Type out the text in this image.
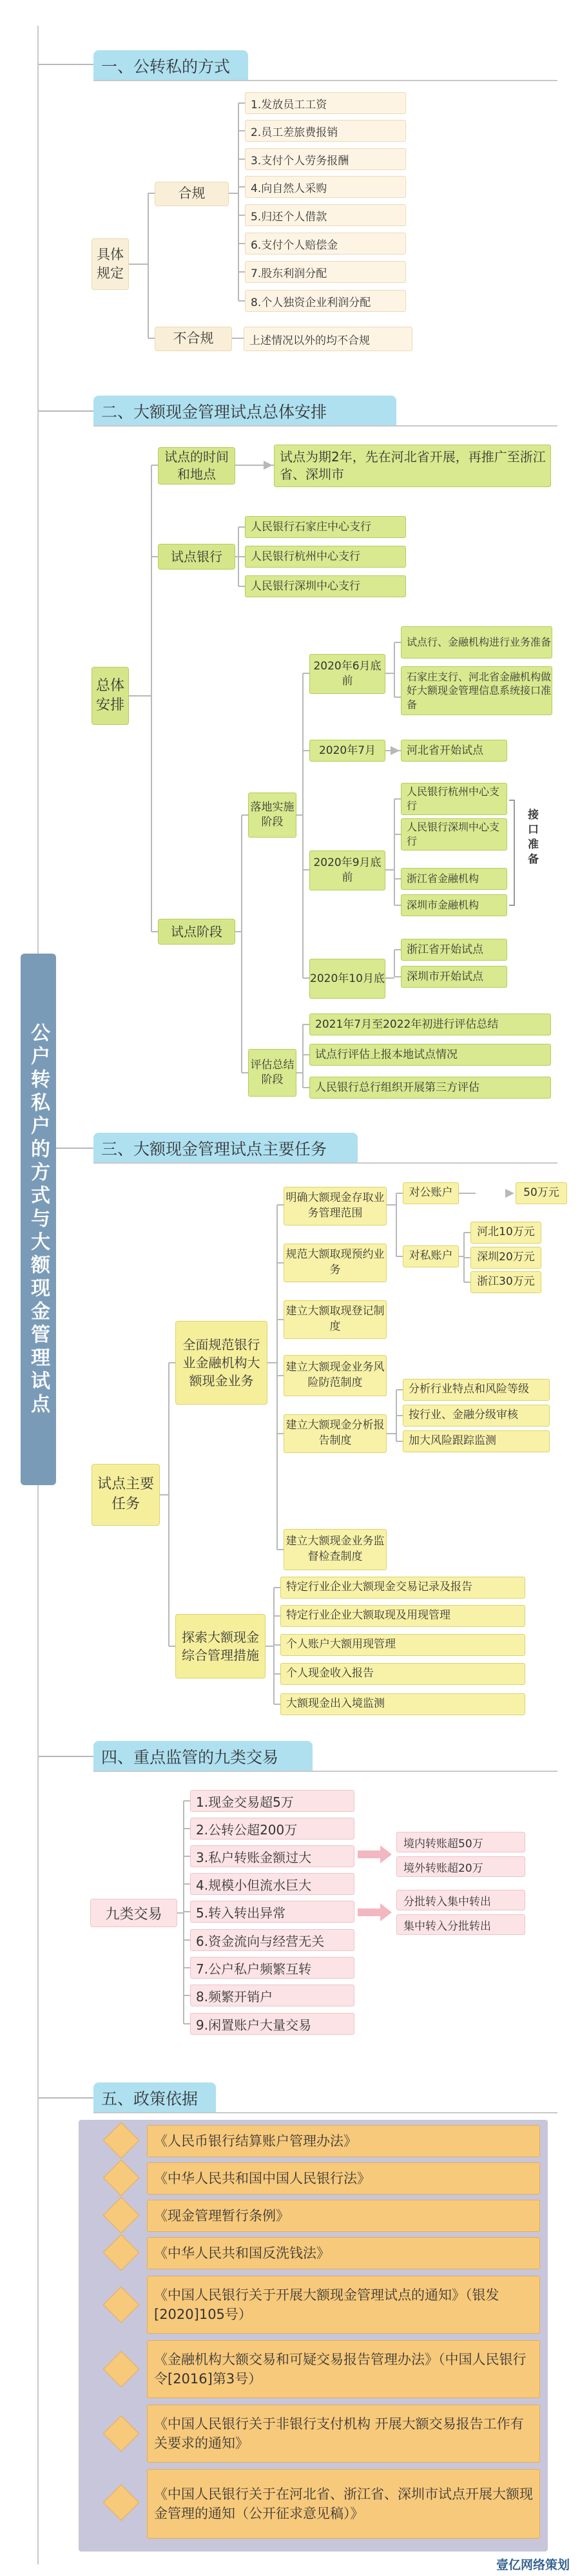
公户转私户的方式与大额现金管理试点
一、公转私的方式
具体规定
合规
不合规
1.发放员工工资
2.员工差旅费报销
3.支付个人劳务报酬
4.向自然人采购
5.归还个人借款
6.支付个人赔偿金
7.股东利润分配
8.个人独资企业利润分配
上述情况以外的均不合规
二、大额现金管理试点总体安排
总体安排
试点的时间和地点
试点为期2年，先在河北省开展，再推广至浙江省、深圳市
试点银行
人民银行石家庄中心支行
人民银行杭州中心支行
人民银行深圳中心支行
试点阶段
落地实施阶段
评估总结阶段
2020年6月底前
试点行、金融机构进行业务准备
石家庄支行、河北省金融机构做好大额现金管理信息系统接口准备
2020年7月	河北省开始试点
2020年9月底前
人民银行杭州中心支行
人民银行深圳中心支行
浙江省金融机构
深圳市金融机构
接口准备
2020年10月底
浙江省开始试点
深圳市开始试点
2021年7月至2022年初进行评估总结
试点行评估上报本地试点情况
人民银行总行组织开展第三方评估
三、大额现金管理试点主要任务
试点主要任务
全面规范银行业金融机构大额现金业务
探索大额现金综合管理措施
明确大额现金存取业务管理范围
对公账户	50万元
对私账户
河北10万元
深圳20万元
浙江30万元
规范大额取现预约业务
建立大额取现登记制度
建立大额现金业务风险防范制度
建立大额现金分析报告制度
建立大额现金业务监督检查制度
分析行业特点和风险等级
按行业、金融分级审核
加大风险跟踪监测
特定行业企业大额现金交易记录及报告
特定行业企业大额取现及用现管理
个人账户大额用现管理
个人现金收入报告
大额现金出入境监测
四、重点监管的九类交易
九类交易
1.现金交易超5万
2.公转公超200万
3.私户转账金额过大
4.规模小但流水巨大
5.转入转出异常
6.资金流向与经营无关
7.公户私户频繁互转
8.频繁开销户
9.闲置账户大量交易
境内转账超50万
境外转账超20万
分批转入集中转出
集中转入分批转出
五、政策依据
《人民币银行结算账户管理办法》
《中华人民共和国中国人民银行法》
《现金管理暂行条例》
《中华人民共和国反洗钱法》
《中国人民银行关于开展大额现金管理试点的通知》（银发[2020]105号）
《金融机构大额交易和可疑交易报告管理办法》（中国人民银行令[2016]第3号）
《中国人民银行关于非银行支付机构 开展大额交易报告工作有关要求的通知》
《中国人民银行关于在河北省、浙江省、深圳市试点开展大额现金管理的通知（公开征求意见稿）》
壹亿网络策划
